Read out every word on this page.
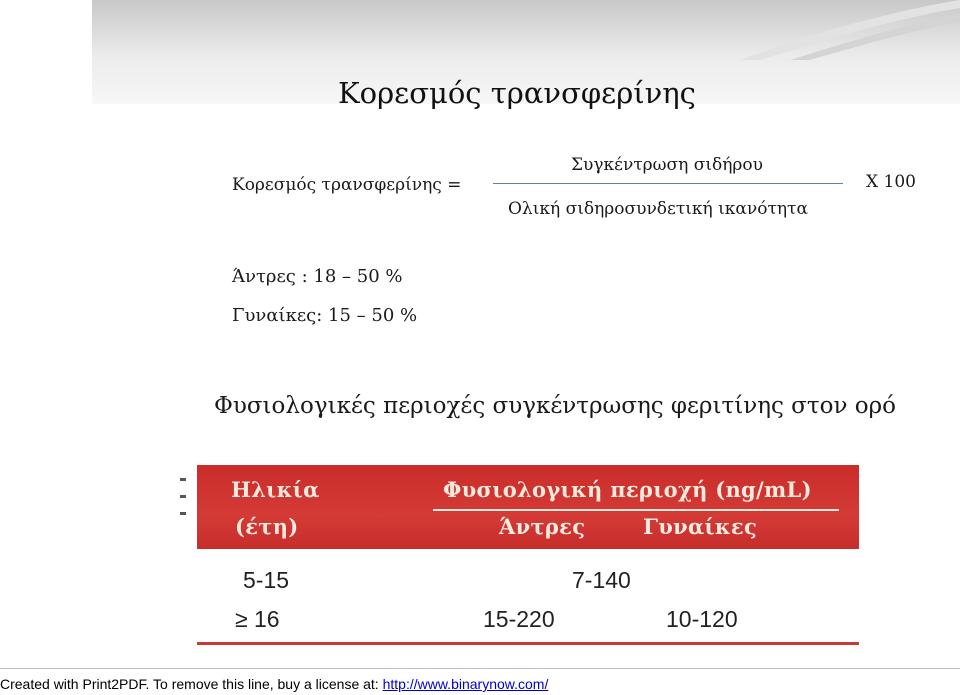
Κορεσμός τρανσφερίνης
Κορεσμός τρανσφερίνης =
Συγκέντρωση σιδήρου
Ολική σιδηροσυνδετική ικανότητα
X 100
Άντρες : 18 – 50 %
Γυναίκες: 15 – 50 %
Φυσιολογικές περιοχές συγκέντρωσης φεριτίνης στον ορό
Ηλικία
(έτη)
Φυσιολογική περιοχή (ng/mL)
Άντρες	Γυναίκες
5-15	7-140
≥ 16	15-220	10-120
Created with Print2PDF. To remove this line, buy a license at: http://www.binarynow.com/
